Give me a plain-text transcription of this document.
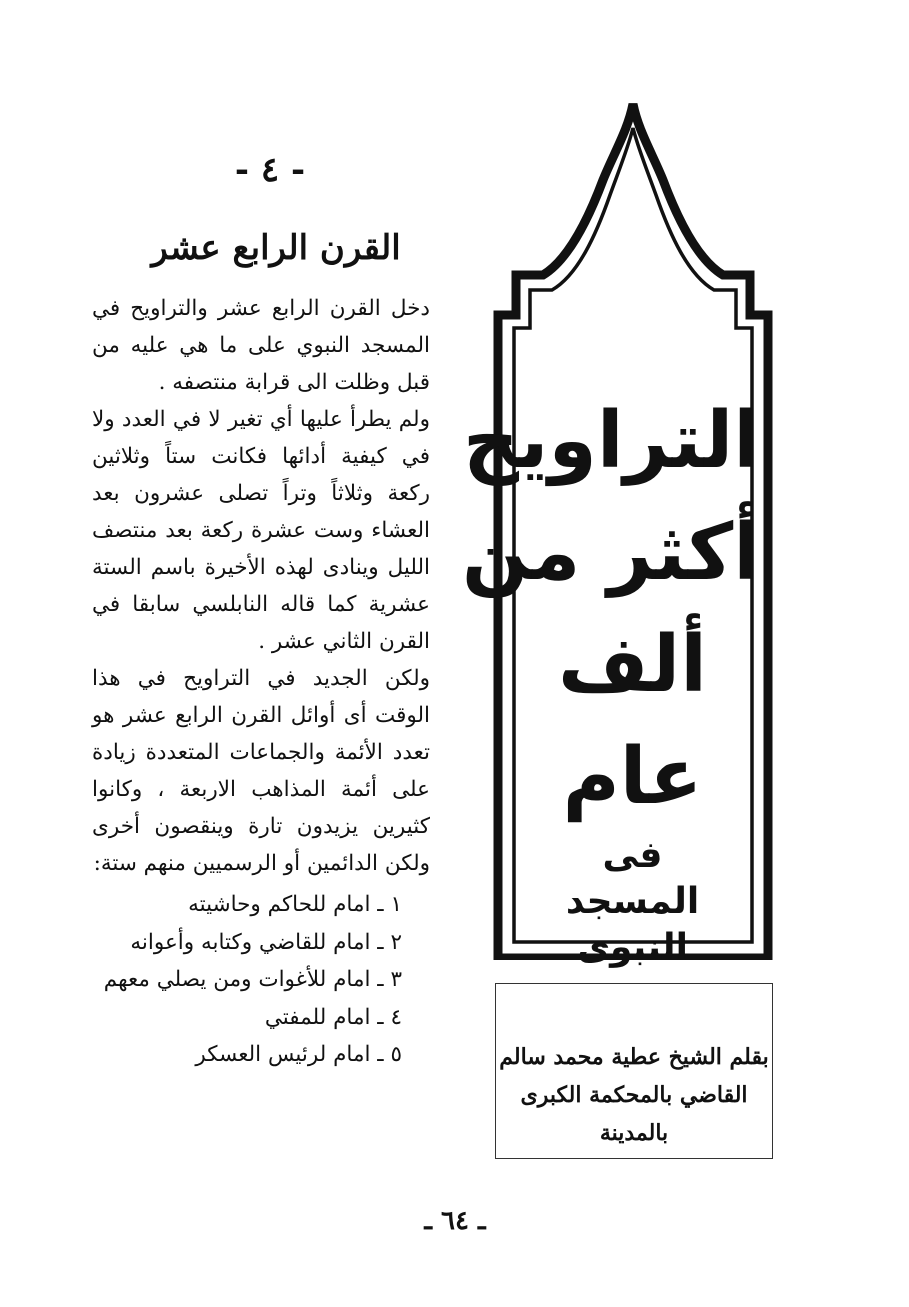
- ٤ -
القرن الرابع عشر

دخل القرن الرابع عشر والتراويح في المسجد النبوي على ما هي عليه من قبل وظلت الى قرابة منتصفه .

ولم يطرأ عليها أي تغير لا في العدد ولا في كيفية أدائها فكانت ستاً وثلاثين ركعة وثلاثاً وتراً تصلى عشرون بعد العشاء وست عشرة ركعة بعد منتصف الليل وينادى لهذه الأخيرة باسم الستة عشرية كما قاله النابلسي سابقا في القرن الثاني عشر .

ولكن الجديد في التراويح في هذا الوقت أى أوائل القرن الرابع عشر هو تعدد الأئمة والجماعات المتعددة زيادة على أئمة المذاهب الاربعة ، وكانوا كثيرين يزيدون تارة وينقصون أخرى ولكن الدائمين أو الرسميين منهم ستة:

١ ـ امام للحاكم وحاشيته
٢ ـ امام للقاضي وكتابه وأعوانه
٣ ـ امام للأغوات ومن يصلي معهم
٤ ـ امام للمفتي
٥ ـ امام لرئيس العسكر
التراويح
أكثر من
ألف
عام
فى
المسجد النبوى
بقلم الشيخ عطية محمد سالم
القاضي بالمحكمة الكبرى بالمدينة
ـ ٦٤ ـ
